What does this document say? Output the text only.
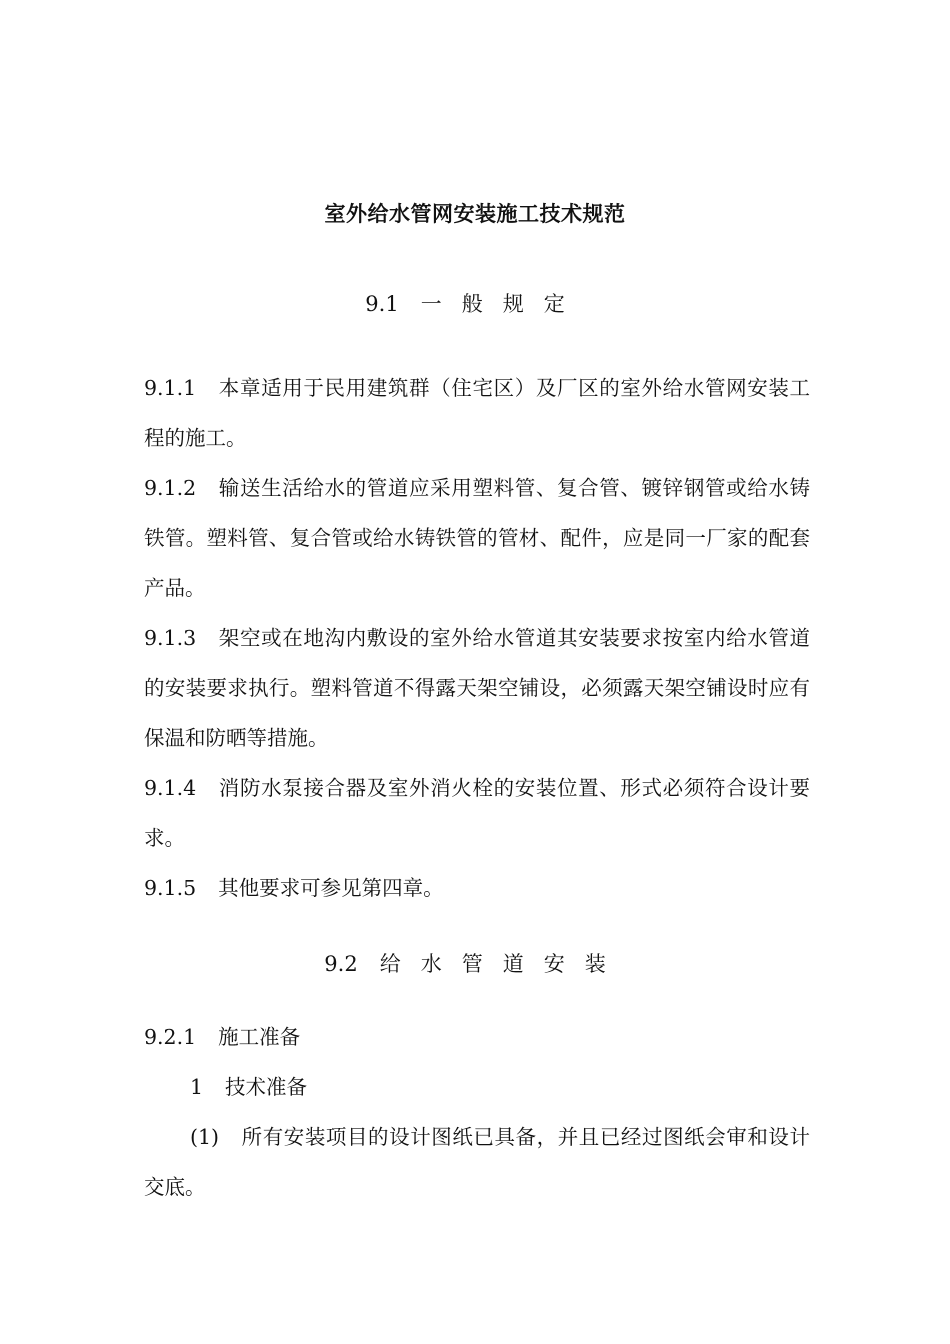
室外给水管网安装施工技术规范
9.1 一般规定

9.1.1 本章适用于民用建筑群（住宅区）及厂区的室外给水管网安装工程的施工。

9.1.2 输送生活给水的管道应采用塑料管、复合管、镀锌钢管或给水铸铁管。塑料管、复合管或给水铸铁管的管材、配件，应是同一厂家的配套产品。

9.1.3 架空或在地沟内敷设的室外给水管道其安装要求按室内给水管道的安装要求执行。塑料管道不得露天架空铺设，必须露天架空铺设时应有保温和防晒等措施。

9.1.4 消防水泵接合器及室外消火栓的安装位置、形式必须符合设计要求。

9.1.5 其他要求可参见第四章。

9.2 给水管道安装

9.2.1 施工准备

1 技术准备

(1) 所有安装项目的设计图纸已具备，并且已经过图纸会审和设计交底。
